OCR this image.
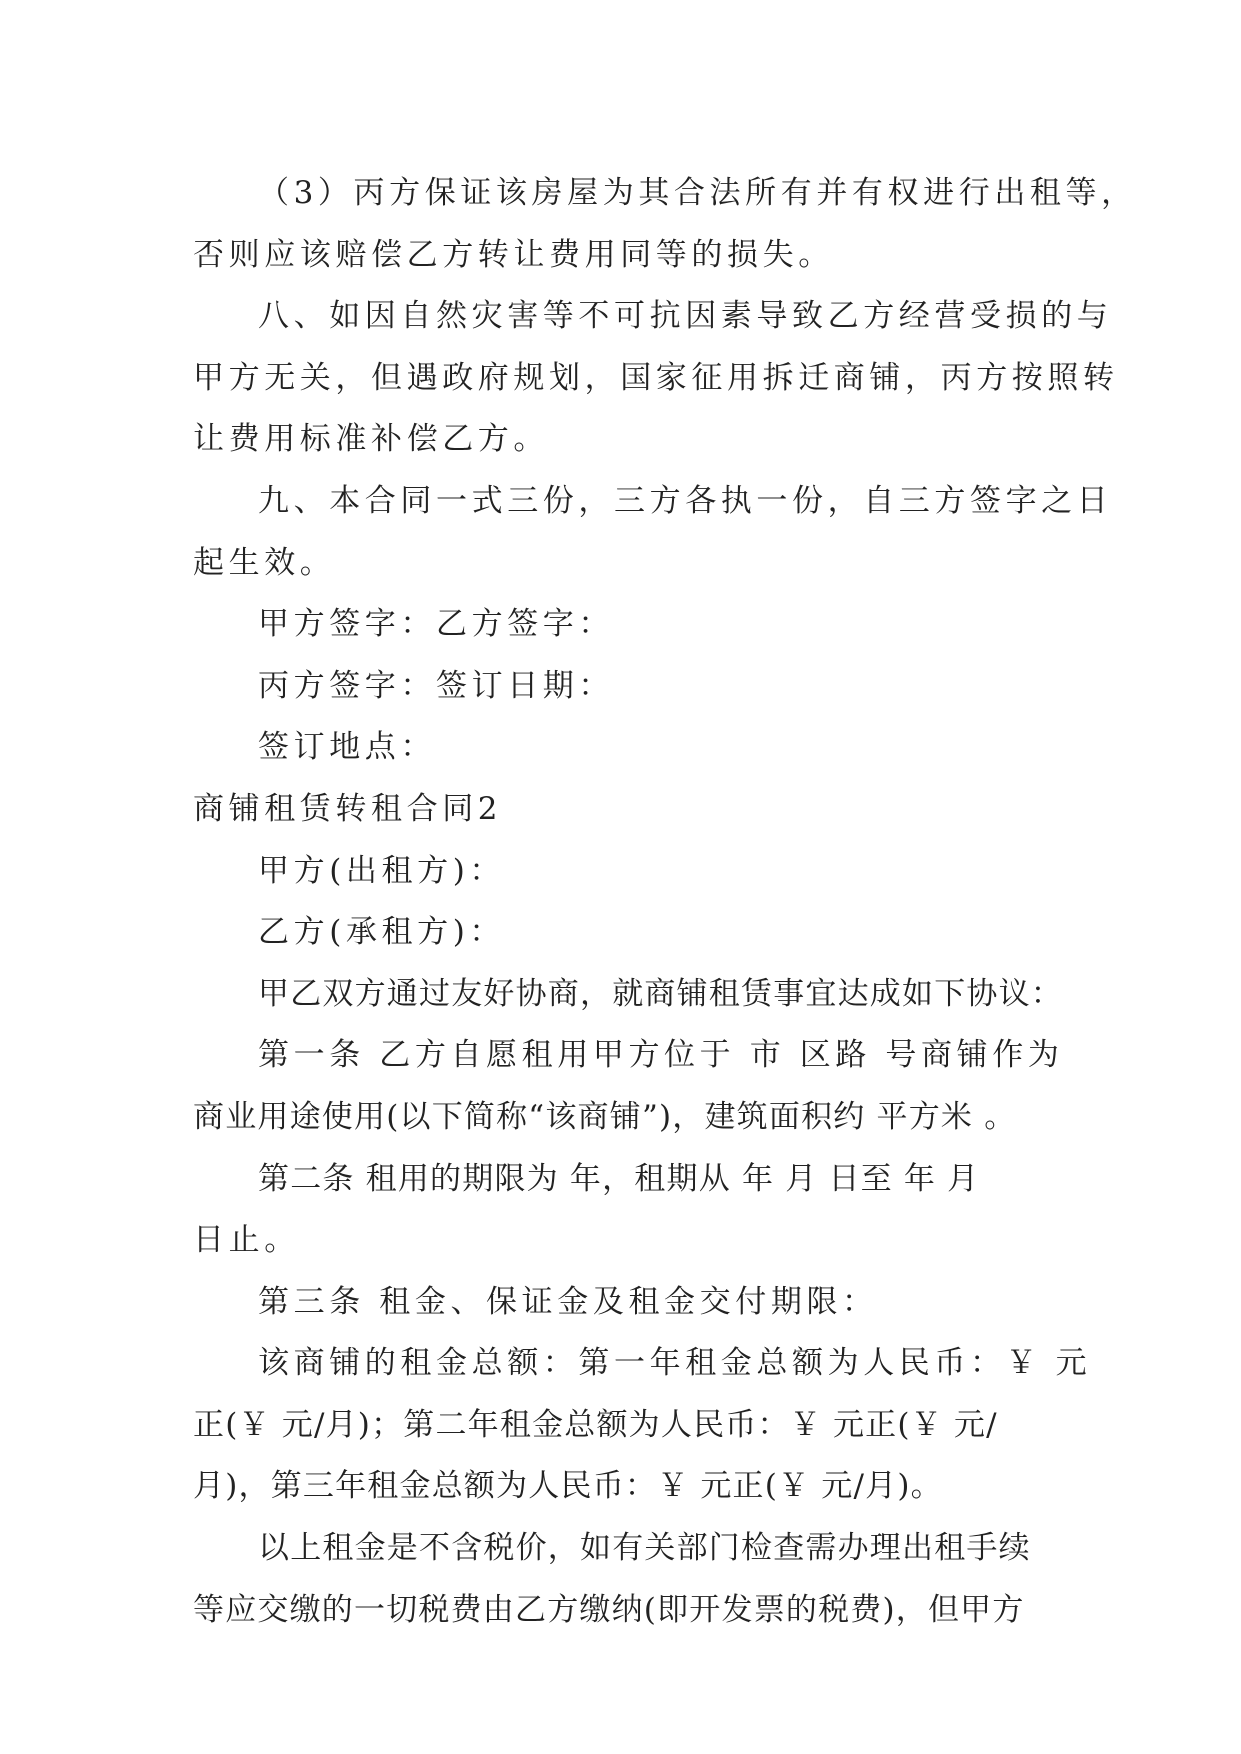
（3）丙方保证该房屋为其合法所有并有权进行出租等，
否则应该赔偿乙方转让费用同等的损失。
八、如因自然灾害等不可抗因素导致乙方经营受损的与
甲方无关，但遇政府规划，国家征用拆迁商铺，丙方按照转
让费用标准补偿乙方。
九、本合同一式三份，三方各执一份，自三方签字之日
起生效。
甲方签字：乙方签字：
丙方签字：签订日期：
签订地点：
商铺租赁转租合同2
甲方(出租方)：
乙方(承租方)：
甲乙双方通过友好协商，就商铺租赁事宜达成如下协议：
第一条 乙方自愿租用甲方位于 市 区路 号商铺作为
商业用途使用(以下简称“该商铺”)，建筑面积约 平方米 。
第二条 租用的期限为 年，租期从 年 月 日至 年 月
日止。
第三条 租金、保证金及租金交付期限：
该商铺的租金总额：第一年租金总额为人民币：￥ 元
正(￥ 元/月)；第二年租金总额为人民币：￥ 元正(￥ 元/
月)，第三年租金总额为人民币：￥ 元正(￥ 元/月)。
以上租金是不含税价，如有关部门检查需办理出租手续
等应交缴的一切税费由乙方缴纳(即开发票的税费)，但甲方
